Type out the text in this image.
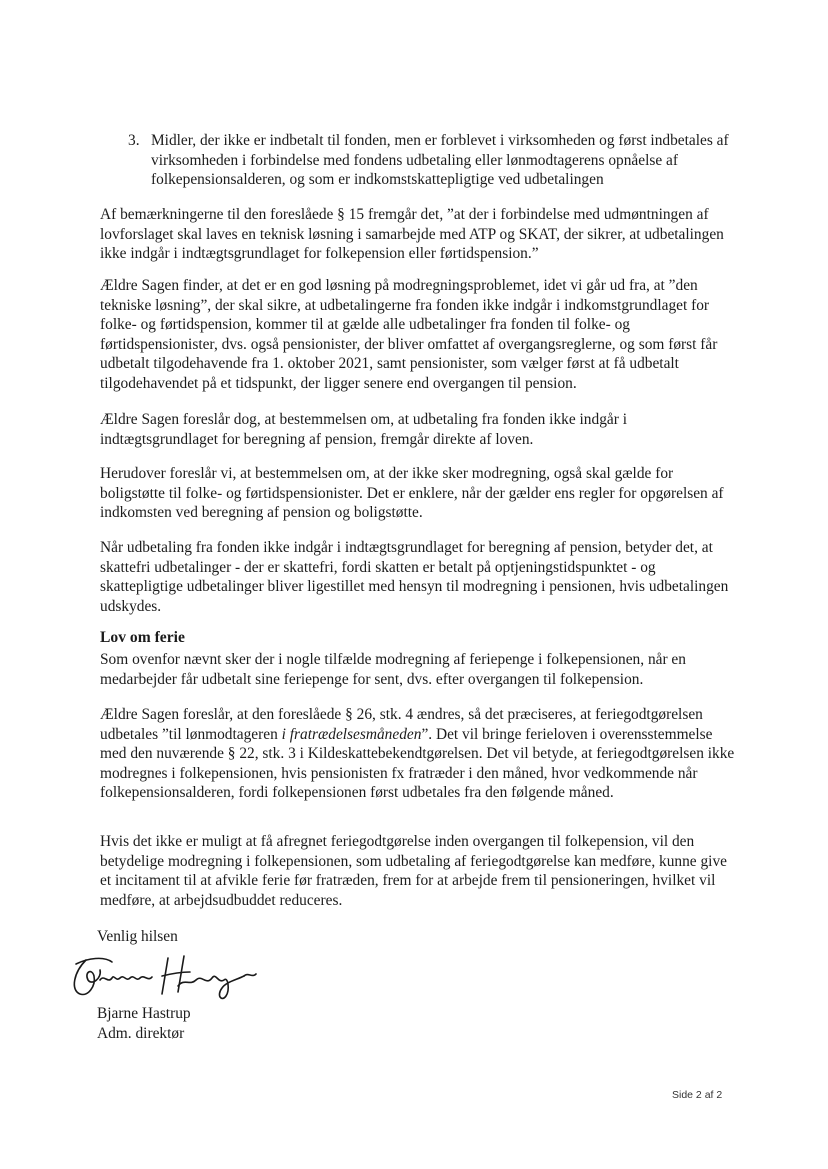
3. Midler, der ikke er indbetalt til fonden, men er forblevet i virksomheden og først indbetales af virksomheden i forbindelse med fondens udbetaling eller lønmodtagerens opnåelse af folkepensionsalderen, og som er indkomstskattepligtige ved udbetalingen

Af bemærkningerne til den foreslåede § 15 fremgår det, ”at der i forbindelse med udmøntningen af lovforslaget skal laves en teknisk løsning i samarbejde med ATP og SKAT, der sikrer, at udbetalingen ikke indgår i indtægtsgrundlaget for folkepension eller førtidspension.”

Ældre Sagen finder, at det er en god løsning på modregningsproblemet, idet vi går ud fra, at ”den tekniske løsning”, der skal sikre, at udbetalingerne fra fonden ikke indgår i indkomstgrundlaget for folke- og førtidspension, kommer til at gælde alle udbetalinger fra fonden til folke- og førtidspensionister, dvs. også pensionister, der bliver omfattet af overgangsreglerne, og som først får udbetalt tilgodehavende fra 1. oktober 2021, samt pensionister, som vælger først at få udbetalt tilgodehavendet på et tidspunkt, der ligger senere end overgangen til pension.

Ældre Sagen foreslår dog, at bestemmelsen om, at udbetaling fra fonden ikke indgår i indtægtsgrundlaget for beregning af pension, fremgår direkte af loven.

Herudover foreslår vi, at bestemmelsen om, at der ikke sker modregning, også skal gælde for boligstøtte til folke- og førtidspensionister. Det er enklere, når der gælder ens regler for opgørelsen af indkomsten ved beregning af pension og boligstøtte.

Når udbetaling fra fonden ikke indgår i indtægtsgrundlaget for beregning af pension, betyder det, at skattefri udbetalinger - der er skattefri, fordi skatten er betalt på optjeningstidspunktet - og skattepligtige udbetalinger bliver ligestillet med hensyn til modregning i pensionen, hvis udbetalingen udskydes.

Lov om ferie

Som ovenfor nævnt sker der i nogle tilfælde modregning af feriepenge i folkepensionen, når en medarbejder får udbetalt sine feriepenge for sent, dvs. efter overgangen til folkepension.

Ældre Sagen foreslår, at den foreslåede § 26, stk. 4 ændres, så det præciseres, at feriegodtgørelsen udbetales ”til lønmodtageren i fratrædelsesmåneden”. Det vil bringe ferieloven i overensstemmelse med den nuværende § 22, stk. 3 i Kildeskattebekendtgørelsen. Det vil betyde, at feriegodtgørelsen ikke modregnes i folkepensionen, hvis pensionisten fx fratræder i den måned, hvor vedkommende når folkepensionsalderen, fordi folkepensionen først udbetales fra den følgende måned.

Hvis det ikke er muligt at få afregnet feriegodtgørelse inden overgangen til folkepension, vil den betydelige modregning i folkepensionen, som udbetaling af feriegodtgørelse kan medføre, kunne give et incitament til at afvikle ferie før fratræden, frem for at arbejde frem til pensioneringen, hvilket vil medføre, at arbejdsudbuddet reduceres.

Venlig hilsen
Bjarne Hastrup
Adm. direktør
Side 2 af 2
